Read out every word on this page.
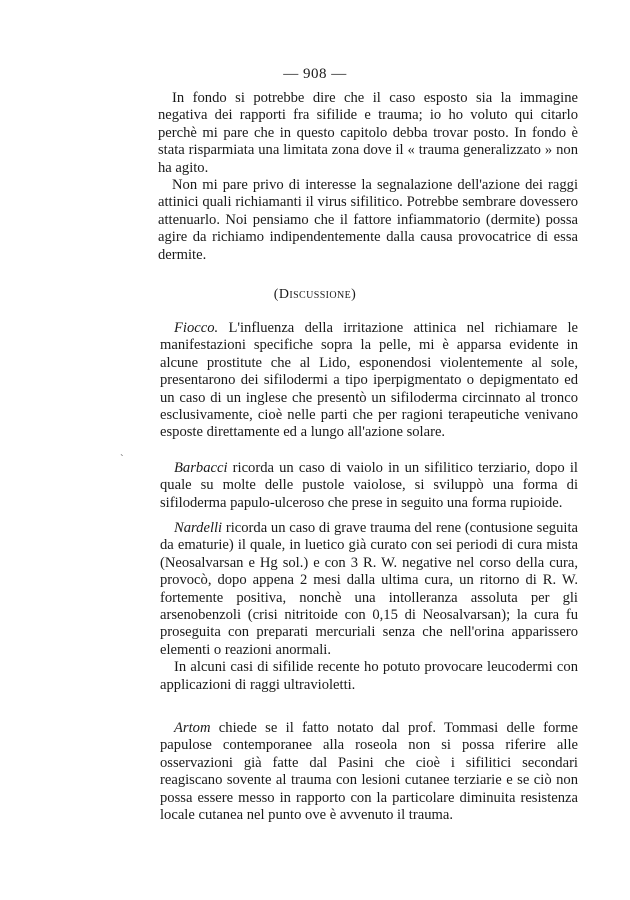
— 908 —

In fondo si potrebbe dire che il caso esposto sia la immagine negativa dei rapporti fra sifilide e trauma; io ho voluto qui citarlo perchè mi pare che in questo capitolo debba trovar posto. In fondo è stata risparmiata una limitata zona dove il « trauma generalizzato » non ha agito.

Non mi pare privo di interesse la segnalazione dell'azione dei raggi attinici quali richiamanti il virus sifilitico. Potrebbe sembrare dovessero attenuarlo. Noi pensiamo che il fattore infiammatorio (dermite) possa agire da richiamo indipendentemente dalla causa provocatrice di essa dermite.

(Discussione)

Fiocco. L'influenza della irritazione attinica nel richiamare le manifestazioni specifiche sopra la pelle, mi è apparsa evidente in alcune prostitute che al Lido, esponendosi violentemente al sole, presentarono dei sifilodermi a tipo iperpigmentato o depigmentato ed un caso di un inglese che presentò un sifiloderma circinnato al tronco esclusivamente, cioè nelle parti che per ragioni terapeutiche venivano esposte direttamente ed a lungo all'azione solare.

`

Barbacci ricorda un caso di vaiolo in un sifilitico terziario, dopo il quale su molte delle pustole vaiolose, si sviluppò una forma di sifiloderma papulo-ulceroso che prese in seguito una forma rupioide.

Nardelli ricorda un caso di grave trauma del rene (contusione seguita da ematurie) il quale, in luetico già curato con sei periodi di cura mista (Neosalvarsan e Hg sol.) e con 3 R. W. negative nel corso della cura, provocò, dopo appena 2 mesi dalla ultima cura, un ritorno di R. W. fortemente positiva, nonchè una intolleranza assoluta per gli arsenobenzoli (crisi nitritoide con 0,15 di Neosalvarsan); la cura fu proseguita con preparati mercuriali senza che nell'orina apparissero elementi o reazioni anormali.

In alcuni casi di sifilide recente ho potuto provocare leucodermi con applicazioni di raggi ultravioletti.

Artom chiede se il fatto notato dal prof. Tommasi delle forme papulose contemporanee alla roseola non si possa riferire alle osservazioni già fatte dal Pasini che cioè i sifilitici secondari reagiscano sovente al trauma con lesioni cutanee terziarie e se ciò non possa essere messo in rapporto con la particolare diminuita resistenza locale cutanea nel punto ove è avvenuto il trauma.
